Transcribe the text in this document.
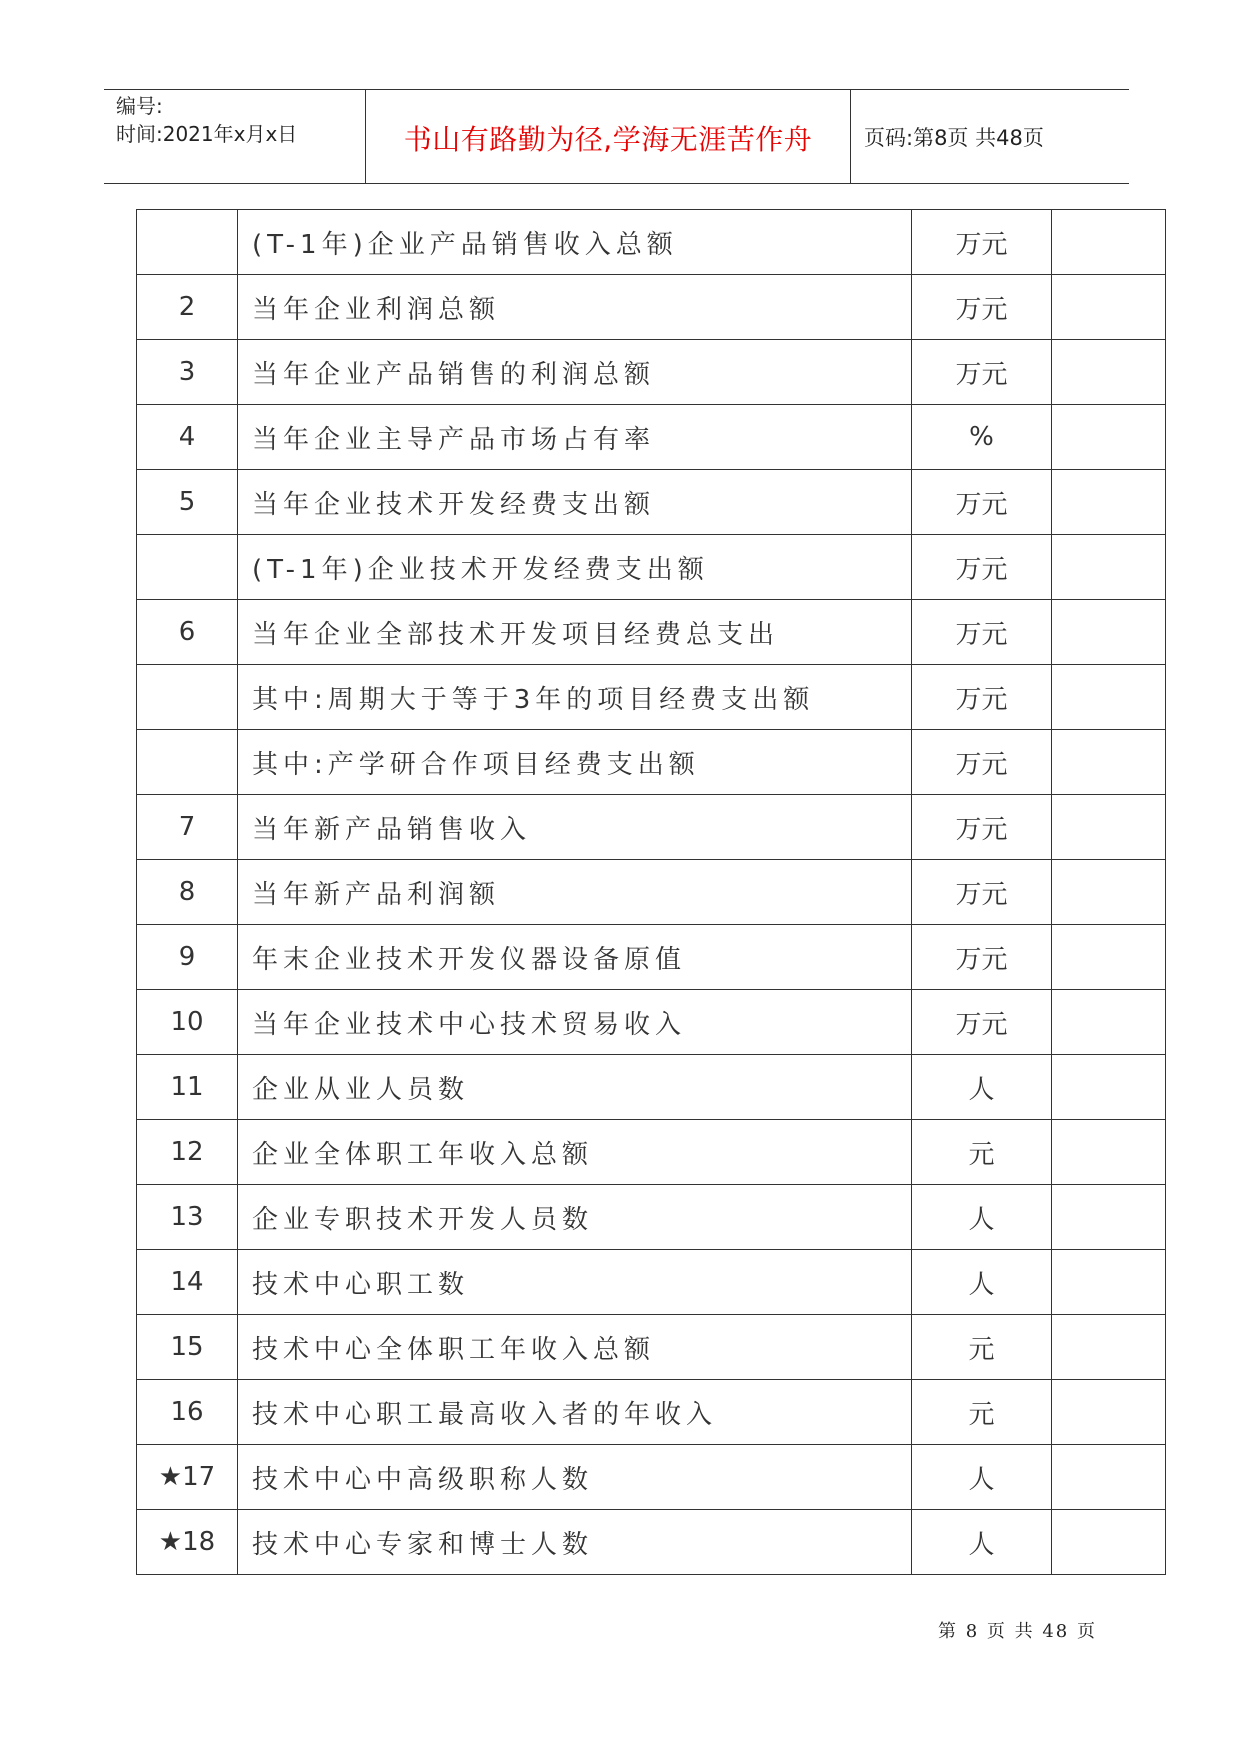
编号:
时间:2021年x月x日	书山有路勤为径,学海无涯苦作舟	页码:第8页 共48页
	(T-1年)企业产品销售收入总额	万元	
2	当年企业利润总额	万元	
3	当年企业产品销售的利润总额	万元	
4	当年企业主导产品市场占有率	%	
5	当年企业技术开发经费支出额	万元	
	(T-1年)企业技术开发经费支出额	万元	
6	当年企业全部技术开发项目经费总支出	万元	
	其中:周期大于等于3年的项目经费支出额	万元	
	其中:产学研合作项目经费支出额	万元	
7	当年新产品销售收入	万元	
8	当年新产品利润额	万元	
9	年末企业技术开发仪器设备原值	万元	
10	当年企业技术中心技术贸易收入	万元	
11	企业从业人员数	人	
12	企业全体职工年收入总额	元	
13	企业专职技术开发人员数	人	
14	技术中心职工数	人	
15	技术中心全体职工年收入总额	元	
16	技术中心职工最高收入者的年收入	元	
★17	技术中心中高级职称人数	人	
★18	技术中心专家和博士人数	人	
第 8 页 共 48 页
